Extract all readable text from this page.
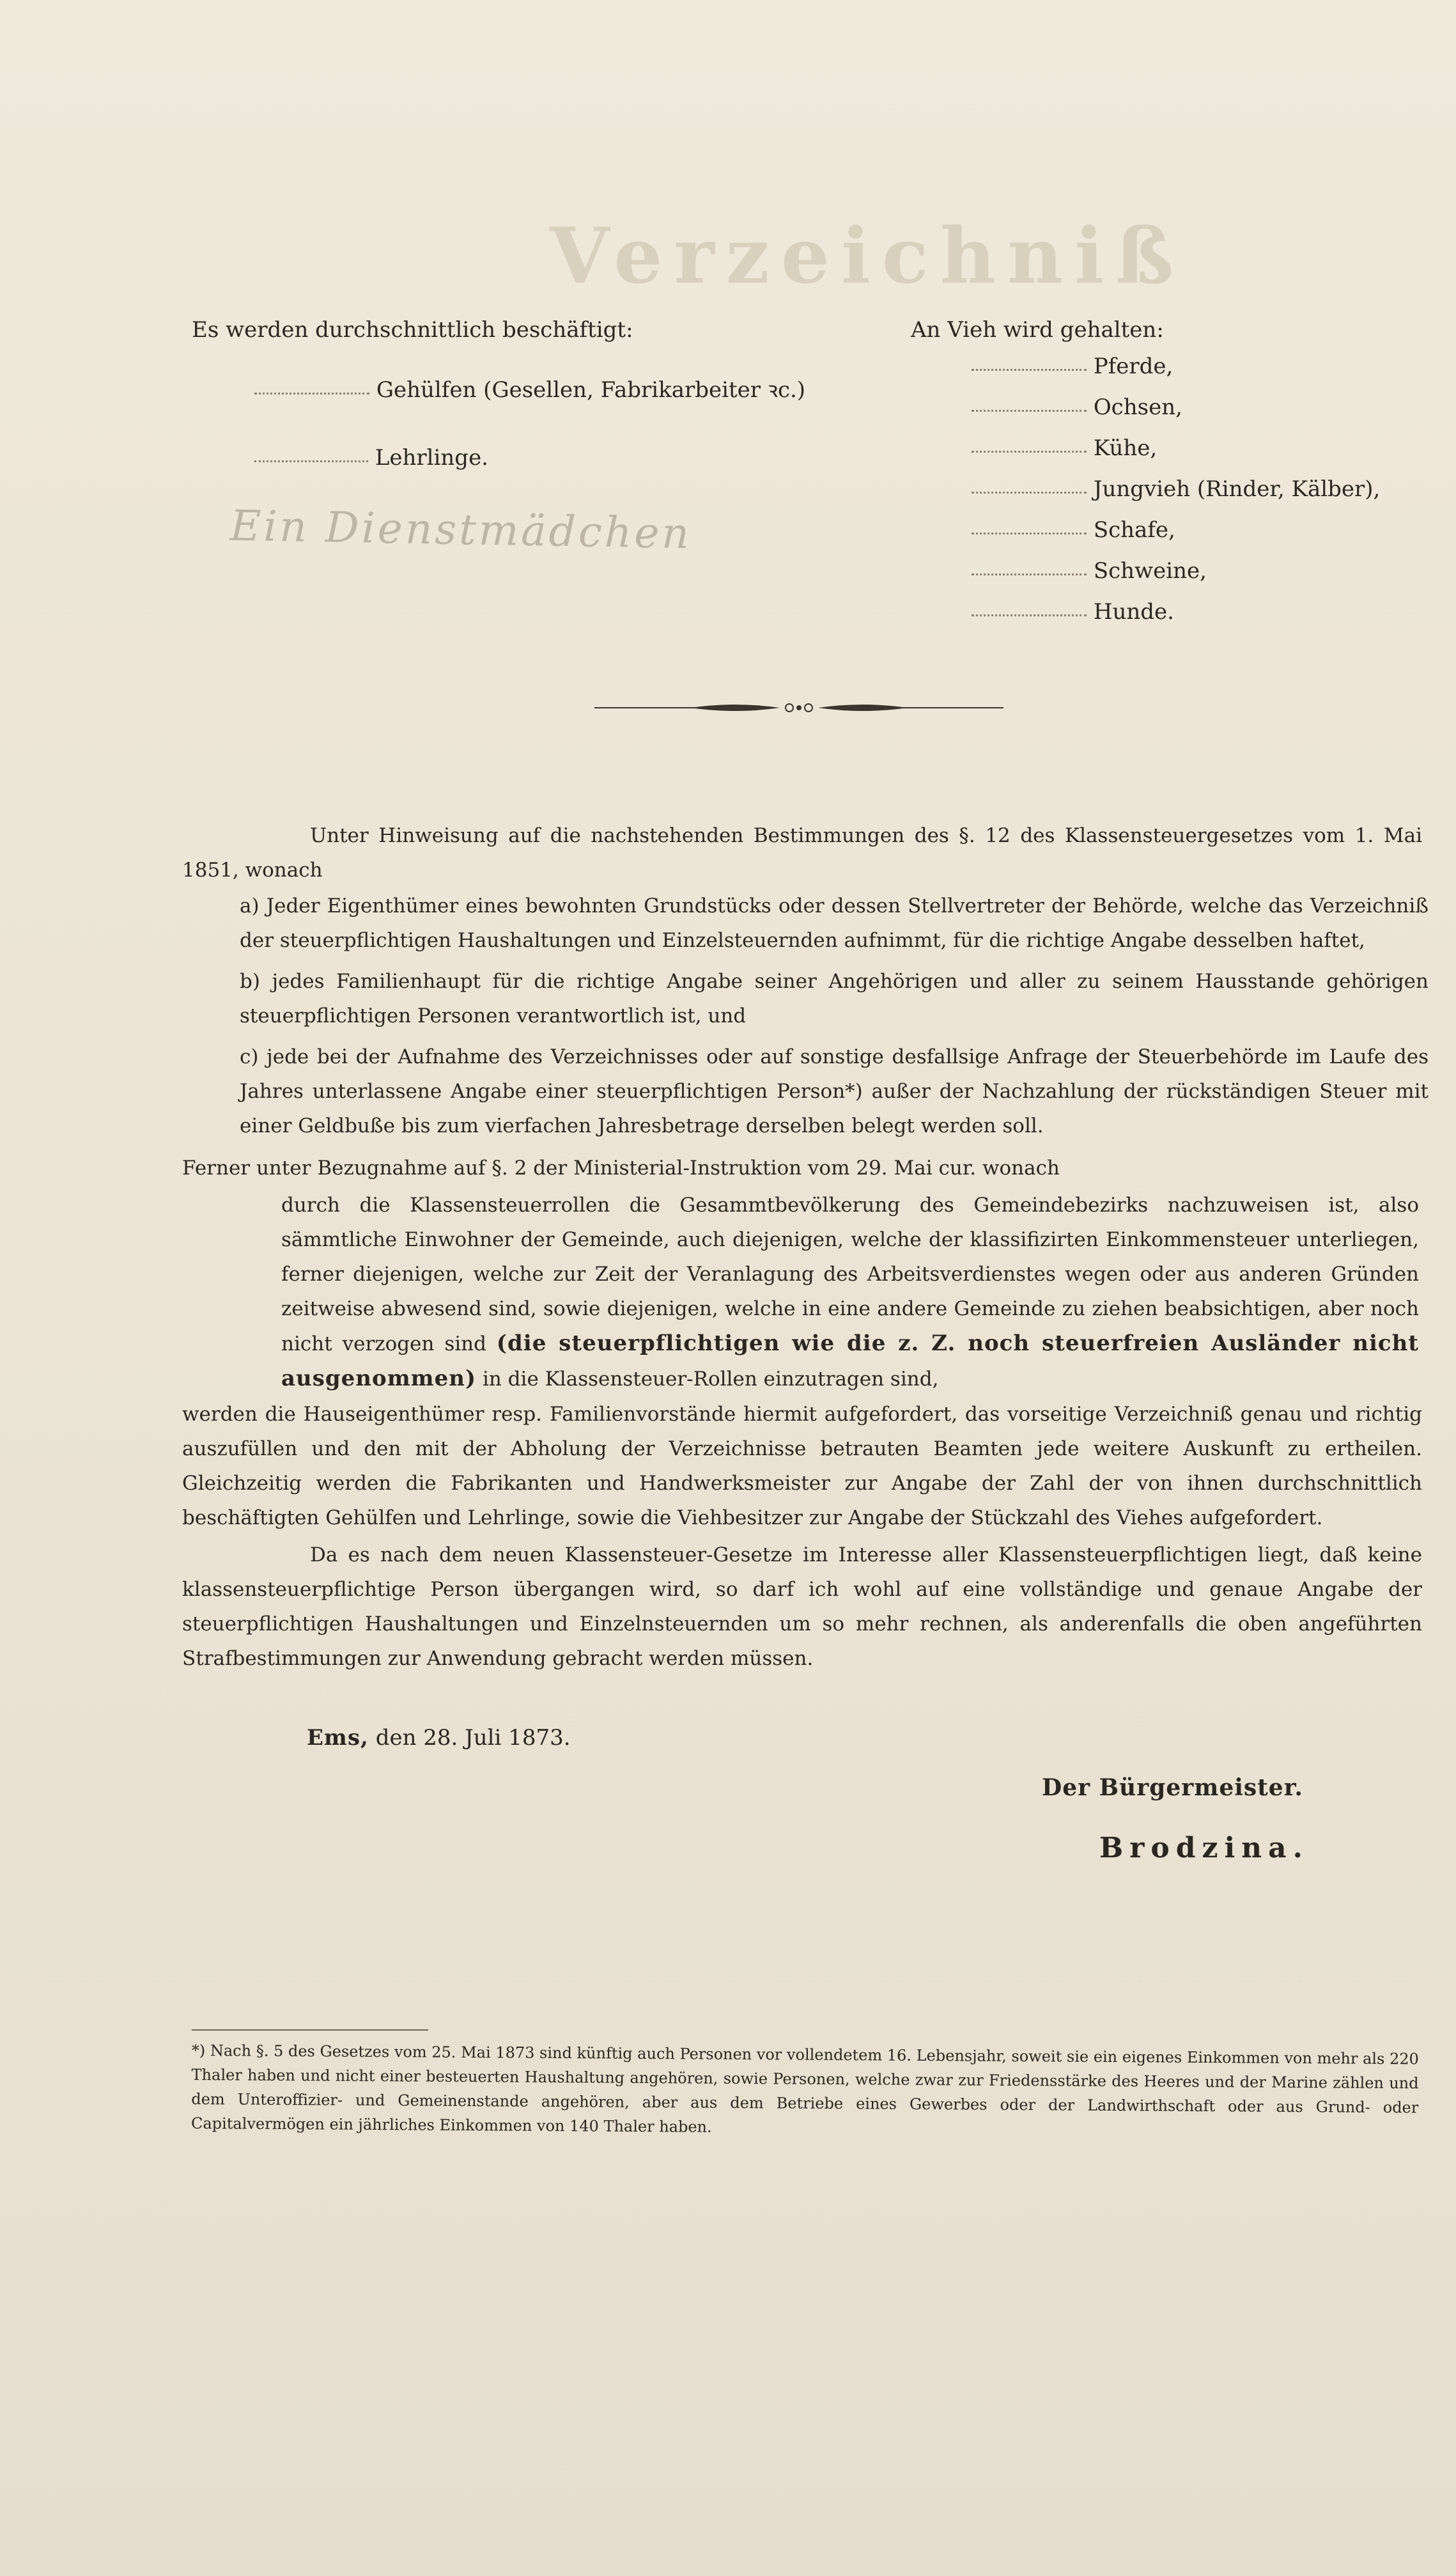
Verzeichniß
Es werden durchschnittlich beschäftigt:
Gehülfen (Gesellen, Fabrikarbeiter ꝛc.)
Lehrlinge.
Ein Dienstmädchen
An Vieh wird gehalten:
Pferde,
Ochsen,
Kühe,
Jungvieh (Rinder, Kälber),
Schafe,
Schweine,
Hunde.
Unter Hinweisung auf die nachstehenden Bestimmungen des §. 12 des Klassensteuergesetzes vom 1. Mai 1851, wonach
a) Jeder Eigenthümer eines bewohnten Grundstücks oder dessen Stellvertreter der Behörde, welche das Verzeichniß der steuerpflichtigen Haushaltungen und Einzelsteuernden aufnimmt, für die richtige Angabe desselben haftet,
b) jedes Familienhaupt für die richtige Angabe seiner Angehörigen und aller zu seinem Hausstande gehörigen steuerpflichtigen Personen verantwortlich ist, und
c) jede bei der Aufnahme des Verzeichnisses oder auf sonstige desfallsige Anfrage der Steuerbehörde im Laufe des Jahres unterlassene Angabe einer steuerpflichtigen Person*) außer der Nachzahlung der rückständigen Steuer mit einer Geldbuße bis zum vierfachen Jahresbetrage derselben belegt werden soll.
Ferner unter Bezugnahme auf §. 2 der Ministerial-Instruktion vom 29. Mai cur. wonach
durch die Klassensteuerrollen die Gesammtbevölkerung des Gemeindebezirks nachzuweisen ist, also sämmtliche Einwohner der Gemeinde, auch diejenigen, welche der klassifizirten Einkommensteuer unterliegen, ferner diejenigen, welche zur Zeit der Veranlagung des Arbeitsverdienstes wegen oder aus anderen Gründen zeitweise abwesend sind, sowie diejenigen, welche in eine andere Gemeinde zu ziehen beabsichtigen, aber noch nicht verzogen sind (die steuerpflichtigen wie die z. Z. noch steuerfreien Ausländer nicht ausgenommen) in die Klassensteuer-Rollen einzutragen sind,
werden die Hauseigenthümer resp. Familienvorstände hiermit aufgefordert, das vorseitige Verzeichniß genau und richtig auszufüllen und den mit der Abholung der Verzeichnisse betrauten Beamten jede weitere Auskunft zu ertheilen. Gleichzeitig werden die Fabrikanten und Handwerksmeister zur Angabe der Zahl der von ihnen durchschnittlich beschäftigten Gehülfen und Lehrlinge, sowie die Viehbesitzer zur Angabe der Stückzahl des Viehes aufgefordert.
Da es nach dem neuen Klassensteuer-Gesetze im Interesse aller Klassensteuerpflichtigen liegt, daß keine klassensteuerpflichtige Person übergangen wird, so darf ich wohl auf eine vollständige und genaue Angabe der steuerpflichtigen Haushaltungen und Einzelnsteuernden um so mehr rechnen, als anderenfalls die oben angeführten Strafbestimmungen zur Anwendung gebracht werden müssen.
Ems, den 28. Juli 1873.
Der Bürgermeister.
Brodzina.
*) Nach §. 5 des Gesetzes vom 25. Mai 1873 sind künftig auch Personen vor vollendetem 16. Lebensjahr, soweit sie ein eigenes Einkommen von mehr als 220 Thaler haben und nicht einer besteuerten Haushaltung angehören, sowie Personen, welche zwar zur Friedensstärke des Heeres und der Marine zählen und dem Unteroffizier- und Gemeinenstande angehören, aber aus dem Betriebe eines Gewerbes oder der Landwirthschaft oder aus Grund- oder Capitalvermögen ein jährliches Einkommen von 140 Thaler haben.
